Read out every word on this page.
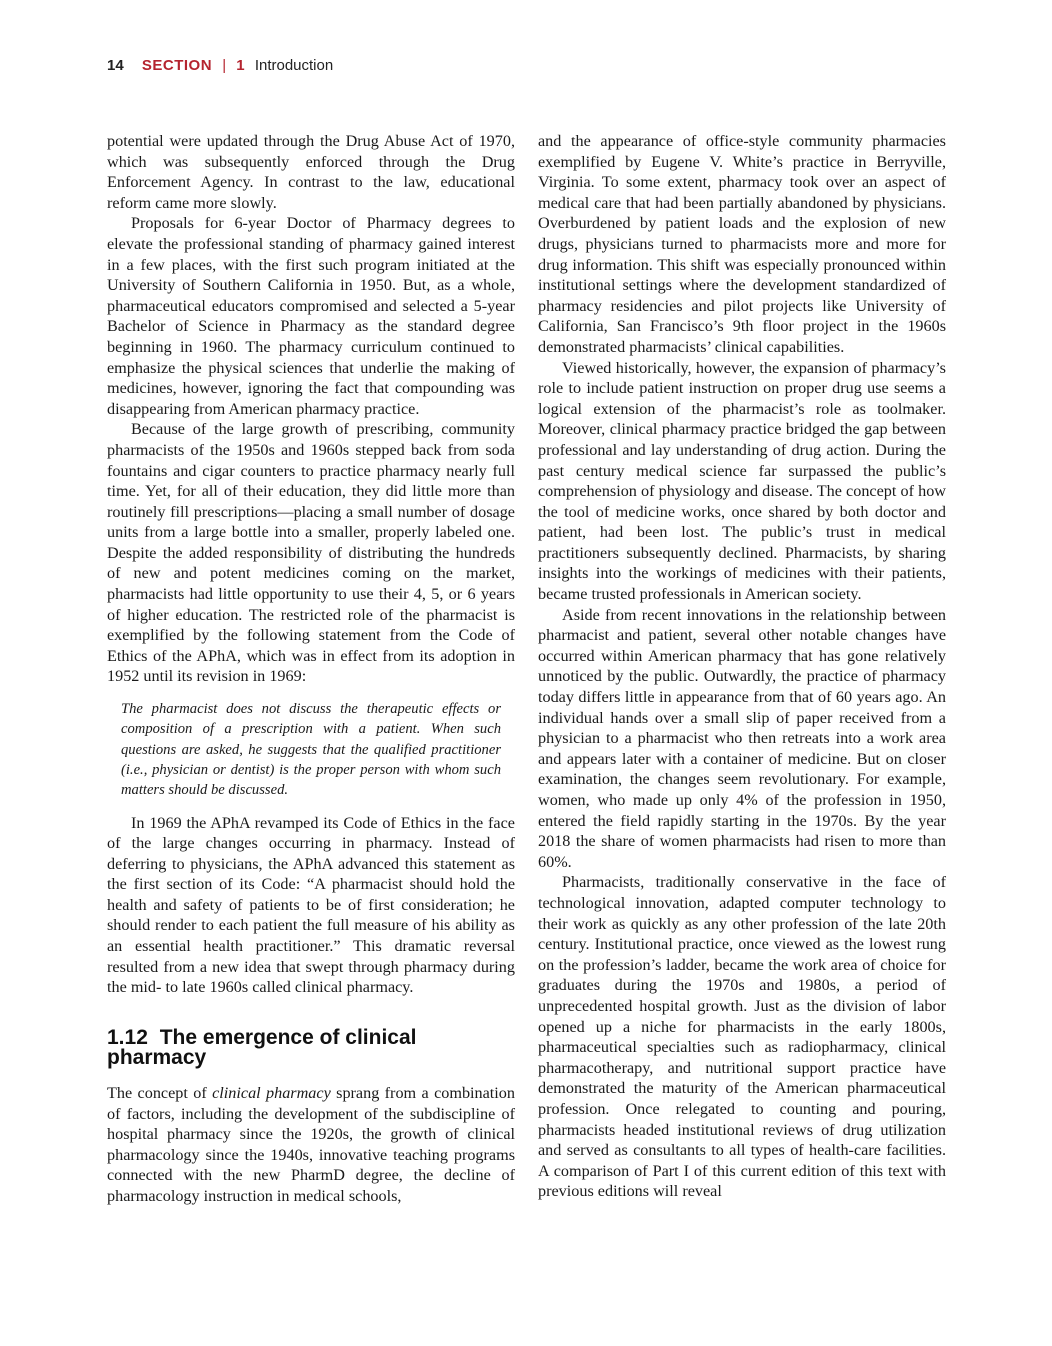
14 SECTION | 1 Introduction

potential were updated through the Drug Abuse Act of 1970, which was subsequently enforced through the Drug Enforcement Agency. In contrast to the law, educational reform came more slowly.

Proposals for 6-year Doctor of Pharmacy degrees to elevate the professional standing of pharmacy gained interest in a few places, with the first such program initiated at the University of Southern California in 1950. But, as a whole, pharmaceutical educators compromised and selected a 5-year Bachelor of Science in Pharmacy as the standard degree beginning in 1960. The pharmacy curriculum continued to emphasize the physical sciences that underlie the making of medicines, however, ignoring the fact that compounding was disappearing from American pharmacy practice.

Because of the large growth of prescribing, community pharmacists of the 1950s and 1960s stepped back from soda fountains and cigar counters to practice pharmacy nearly full time. Yet, for all of their education, they did little more than routinely fill prescriptions—placing a small number of dosage units from a large bottle into a smaller, properly labeled one. Despite the added responsibility of distributing the hundreds of new and potent medicines coming on the market, pharmacists had little opportunity to use their 4, 5, or 6 years of higher education. The restricted role of the pharmacist is exemplified by the following statement from the Code of Ethics of the APhA, which was in effect from its adoption in 1952 until its revision in 1969:

The pharmacist does not discuss the therapeutic effects or composition of a prescription with a patient. When such questions are asked, he suggests that the qualified practitioner (i.e., physician or dentist) is the proper person with whom such matters should be discussed.

In 1969 the APhA revamped its Code of Ethics in the face of the large changes occurring in pharmacy. Instead of deferring to physicians, the APhA advanced this statement as the first section of its Code: “A pharmacist should hold the health and safety of patients to be of first consideration; he should render to each patient the full measure of his ability as an essential health practitioner.” This dramatic reversal resulted from a new idea that swept through pharmacy during the mid- to late 1960s called clinical pharmacy.

1.12 The emergence of clinical pharmacy

The concept of clinical pharmacy sprang from a combination of factors, including the development of the subdiscipline of hospital pharmacy since the 1920s, the growth of clinical pharmacology since the 1940s, innovative teaching programs connected with the new PharmD degree, the decline of pharmacology instruction in medical schools,

and the appearance of office-style community pharmacies exemplified by Eugene V. White’s practice in Berryville, Virginia. To some extent, pharmacy took over an aspect of medical care that had been partially abandoned by physicians. Overburdened by patient loads and the explosion of new drugs, physicians turned to pharmacists more and more for drug information. This shift was especially pronounced within institutional settings where the development standardized of pharmacy residencies and pilot projects like University of California, San Francisco’s 9th floor project in the 1960s demonstrated pharmacists’ clinical capabilities.

Viewed historically, however, the expansion of pharmacy’s role to include patient instruction on proper drug use seems a logical extension of the pharmacist’s role as toolmaker. Moreover, clinical pharmacy practice bridged the gap between professional and lay understanding of drug action. During the past century medical science far surpassed the public’s comprehension of physiology and disease. The concept of how the tool of medicine works, once shared by both doctor and patient, had been lost. The public’s trust in medical practitioners subsequently declined. Pharmacists, by sharing insights into the workings of medicines with their patients, became trusted professionals in American society.

Aside from recent innovations in the relationship between pharmacist and patient, several other notable changes have occurred within American pharmacy that has gone relatively unnoticed by the public. Outwardly, the practice of pharmacy today differs little in appearance from that of 60 years ago. An individual hands over a small slip of paper received from a physician to a pharmacist who then retreats into a work area and appears later with a container of medicine. But on closer examination, the changes seem revolutionary. For example, women, who made up only 4% of the profession in 1950, entered the field rapidly starting in the 1970s. By the year 2018 the share of women pharmacists had risen to more than 60%.

Pharmacists, traditionally conservative in the face of technological innovation, adapted computer technology to their work as quickly as any other profession of the late 20th century. Institutional practice, once viewed as the lowest rung on the profession’s ladder, became the work area of choice for graduates during the 1970s and 1980s, a period of unprecedented hospital growth. Just as the division of labor opened up a niche for pharmacists in the early 1800s, pharmaceutical specialties such as radiopharmacy, clinical pharmacotherapy, and nutritional support practice have demonstrated the maturity of the American pharmaceutical profession. Once relegated to counting and pouring, pharmacists headed institutional reviews of drug utilization and served as consultants to all types of health-care facilities. A comparison of Part I of this current edition of this text with previous editions will reveal
